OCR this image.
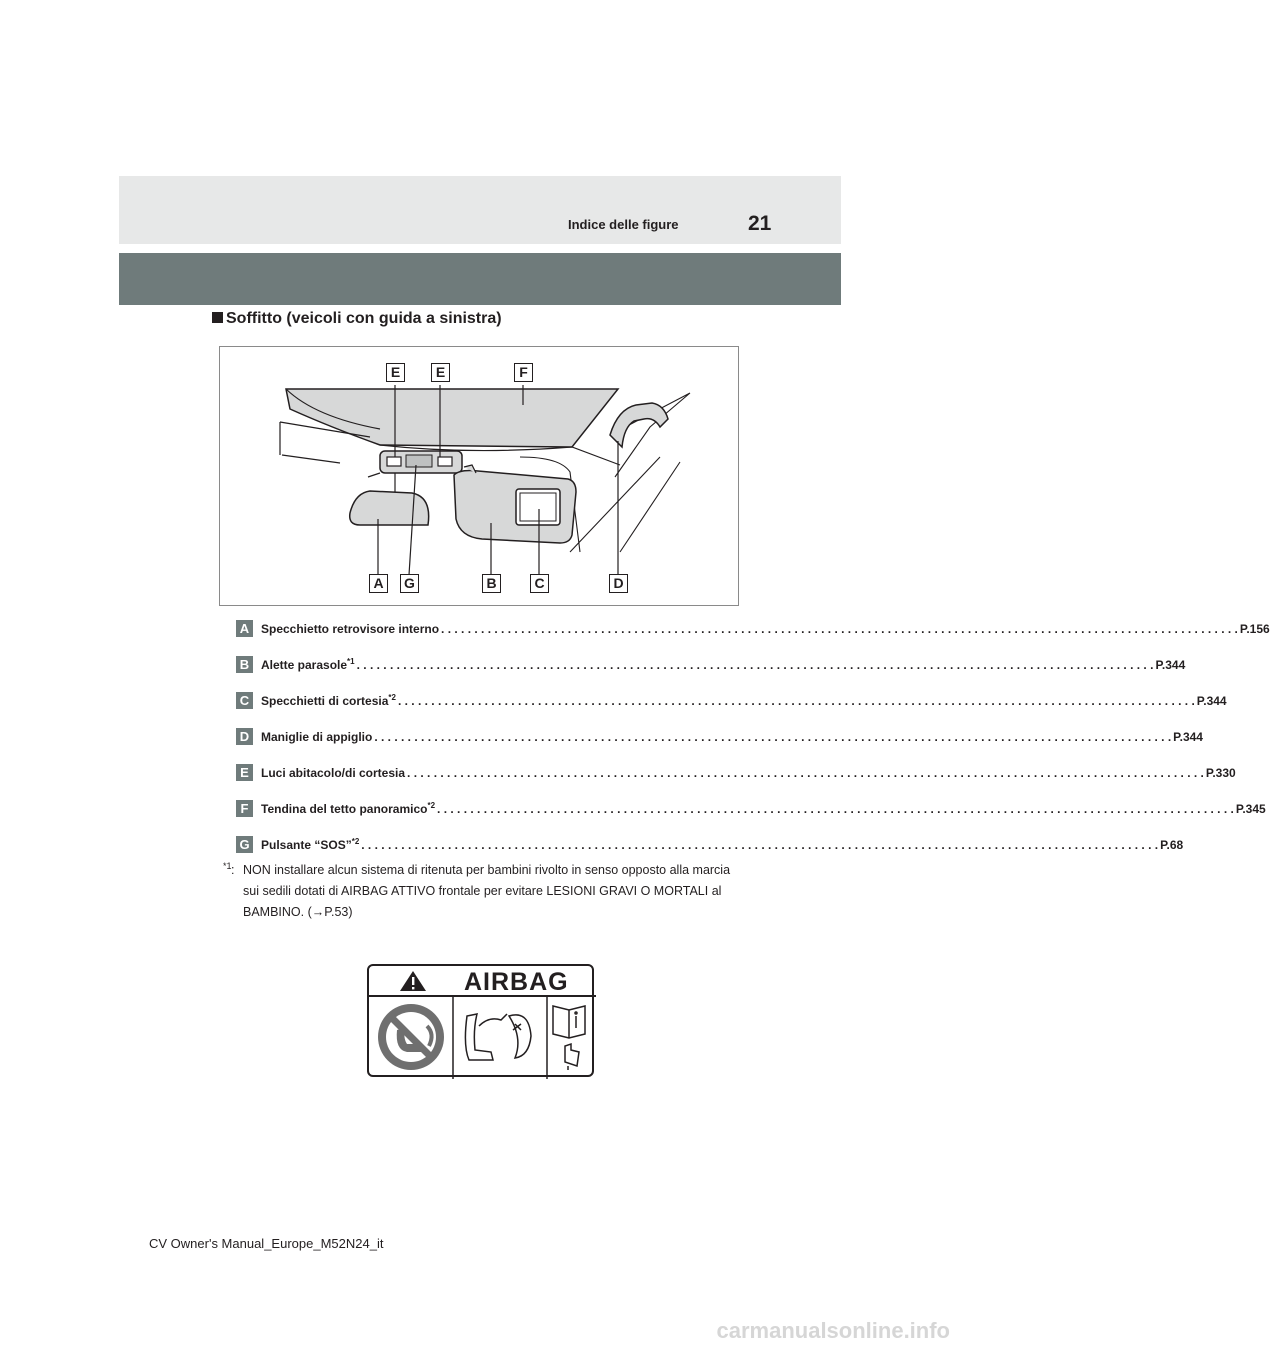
Indice delle figure	21
Soffitto (veicoli con guida a sinistra)
E	E	F
A	G	B	C	D
A Specchietto retrovisore interno . . . . . . . . . . . . . . . . . . . . . . . . . . . . . . . . . . . . . . . . . . . . . . . . . . . . . . . . . . . . . . . . . . . . . . . . . . . . . . . . . . . . . . . . . . . . . . . . . . . . . . . . . . . . . . . . . . . . . . . . P.156
B Alette parasole$^{*1}$ . . . . . . . . . . . . . . . . . . . . . . . . . . . . . . . . . . . . . . . . . . . . . . . . . . . . . . . . . . . . . . . . . . . . . . . . . . . . . . . . . . . . . . . . . . . . . . . . . . . . . . . . . . . . . . . . . . . . . . . . P.344
C Specchietti di cortesia$^{*2}$ . . . . . . . . . . . . . . . . . . . . . . . . . . . . . . . . . . . . . . . . . . . . . . . . . . . . . . . . . . . . . . . . . . . . . . . . . . . . . . . . . . . . . . . . . . . . . . . . . . . . . . . . . . . . . . . . . . . . . . . . P.344
D Maniglie di appiglio . . . . . . . . . . . . . . . . . . . . . . . . . . . . . . . . . . . . . . . . . . . . . . . . . . . . . . . . . . . . . . . . . . . . . . . . . . . . . . . . . . . . . . . . . . . . . . . . . . . . . . . . . . . . . . . . . . . . . . . . P.344
E	Luci abitacolo/di cortesia . . . . . . . . . . . . . . . . . . . . . . . . . . . . . . . . . . . . . . . . . . . . . . . . . . . . . . . . . . . . . . . . . . . . . . . . . . . . . . . . . . . . . . . . . . . . . . . . . . . . . . . . . . . . . . . . . . . . . . . . P.330
F	Tendina del tetto panoramico$^{*2}$ . . . . . . . . . . . . . . . . . . . . . . . . . . . . . . . . . . . . . . . . . . . . . . . . . . . . . . . . . . . . . . . . . . . . . . . . . . . . . . . . . . . . . . . . . . . . . . . . . . . . . . . . . . . . . . . . . . . . . . . . P.345
G Pulsante “SOS”$^{*2}$ . . . . . . . . . . . . . . . . . . . . . . . . . . . . . . . . . . . . . . . . . . . . . . . . . . . . . . . . . . . . . . . . . . . . . . . . . . . . . . . . . . . . . . . . . . . . . . . . . . . . . . . . . . . . . . . . . . . . . . . . P.68
*1 : NON installare alcun sistema di ritenuta per bambini rivolto in senso opposto alla marcia sui sedili dotati di AIRBAG ATTIVO frontale per evitare LESIONI GRAVI O MORTALI al BAMBINO. (→P.53)
AIRBAG
CV Owner's Manual_Europe_M52N24_it
carmanualsonline.info
